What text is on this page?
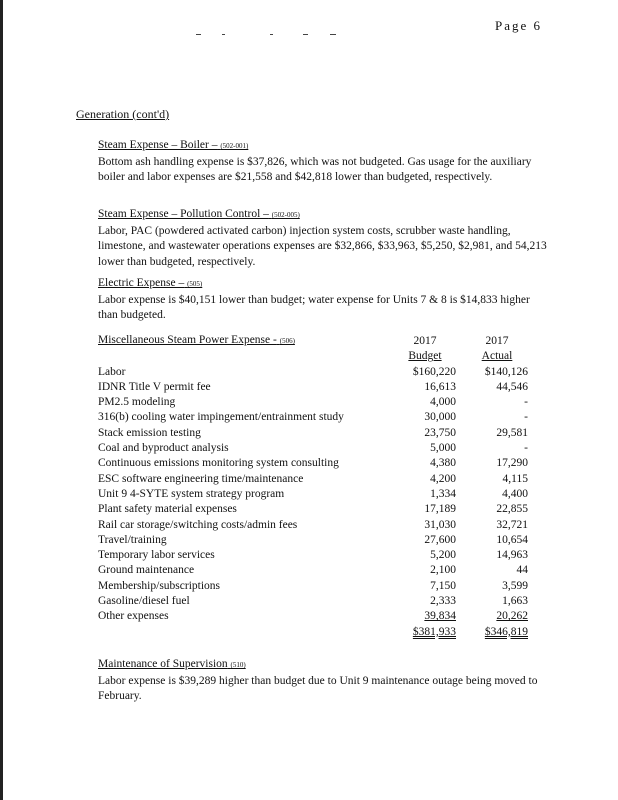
Page 6
Generation (cont'd)
Steam Expense – Boiler – (502-001)

Bottom ash handling expense is $37,826, which was not budgeted. Gas usage for the auxiliary boiler and labor expenses are $21,558 and $42,818 lower than budgeted, respectively.

Steam Expense – Pollution Control – (502-005)

Labor, PAC (powdered activated carbon) injection system costs, scrubber waste handling, limestone, and wastewater operations expenses are $32,866, $33,963, $5,250, $2,981, and 54,213 lower than budgeted, respectively.

Electric Expense – (505)

Labor expense is $40,151 lower than budget; water expense for Units 7 & 8 is $14,833 higher than budgeted.

Miscellaneous Steam Power Expense - (506)	2017		2017
	Budget		Actual
Labor	$160,220		$140,126
IDNR Title V permit fee	16,613		44,546
PM2.5 modeling	4,000		-
316(b) cooling water impingement/entrainment study	30,000		-
Stack emission testing	23,750		29,581
Coal and byproduct analysis	5,000		-
Continuous emissions monitoring system consulting	4,380		17,290
ESC software engineering time/maintenance	4,200		4,115
Unit 9 4-SYTE system strategy program	1,334		4,400
Plant safety material expenses	17,189		22,855
Rail car storage/switching costs/admin fees	31,030		32,721
Travel/training	27,600		10,654
Temporary labor services	5,200		14,963
Ground maintenance	2,100		44
Membership/subscriptions	7,150		3,599
Gasoline/diesel fuel	2,333		1,663
Other expenses	39,834		20,262
	$381,933		$346,819
Maintenance of Supervision (510)

Labor expense is $39,289 higher than budget due to Unit 9 maintenance outage being moved to February.
